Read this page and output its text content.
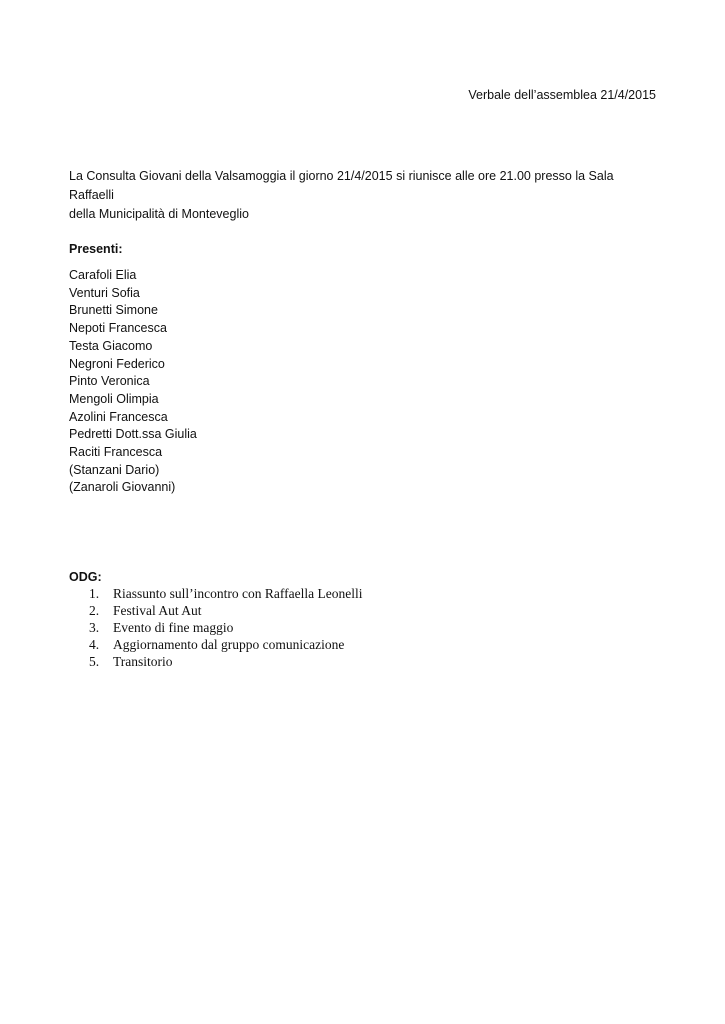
Verbale dell’assemblea 21/4/2015

La Consulta Giovani della Valsamoggia il giorno 21/4/2015 si riunisce alle ore 21.00 presso la Sala Raffaelli

della Municipalità di Monteveglio

Presenti:
Carafoli Elia
Venturi Sofia
Brunetti Simone
Nepoti Francesca
Testa Giacomo
Negroni Federico
Pinto Veronica
Mengoli Olimpia
Azolini Francesca
Pedretti Dott.ssa Giulia
Raciti Francesca
(Stanzani Dario)
(Zanaroli Giovanni)
ODG:
1. Riassunto sull’incontro con Raffaella Leonelli
2. Festival Aut Aut
3. Evento di fine maggio
4. Aggiornamento dal gruppo comunicazione
5. Transitorio
